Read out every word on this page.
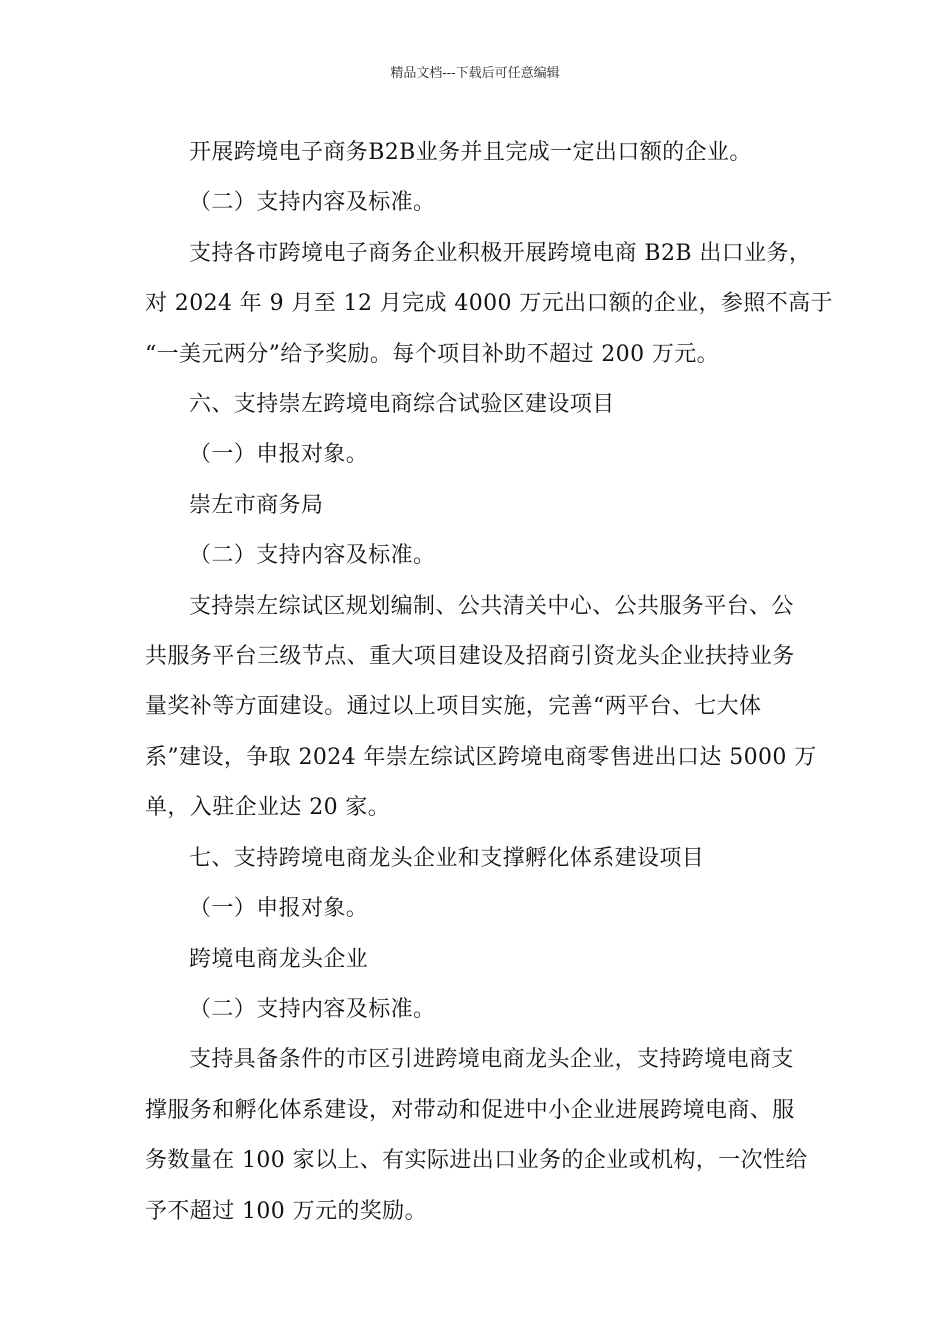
精品文档---下载后可任意编辑
开展跨境电子商务B2B业务并且完成一定出口额的企业。
（二）支持内容及标准。
支持各市跨境电子商务企业积极开展跨境电商 B2B 出口业务，
对 2024 年 9 月至 12 月完成 4000 万元出口额的企业，参照不高于
“一美元两分”给予奖励。每个项目补助不超过 200 万元。
六、支持崇左跨境电商综合试验区建设项目
（一）申报对象。
崇左市商务局
（二）支持内容及标准。
支持崇左综试区规划编制、公共清关中心、公共服务平台、公
共服务平台三级节点、重大项目建设及招商引资龙头企业扶持业务
量奖补等方面建设。通过以上项目实施，完善“两平台、七大体
系”建设，争取 2024 年崇左综试区跨境电商零售进出口达 5000 万
单，入驻企业达 20 家。
七、支持跨境电商龙头企业和支撑孵化体系建设项目
（一）申报对象。
跨境电商龙头企业
（二）支持内容及标准。
支持具备条件的市区引进跨境电商龙头企业，支持跨境电商支
撑服务和孵化体系建设，对带动和促进中小企业进展跨境电商、服
务数量在 100 家以上、有实际进出口业务的企业或机构，一次性给
予不超过 100 万元的奖励。
